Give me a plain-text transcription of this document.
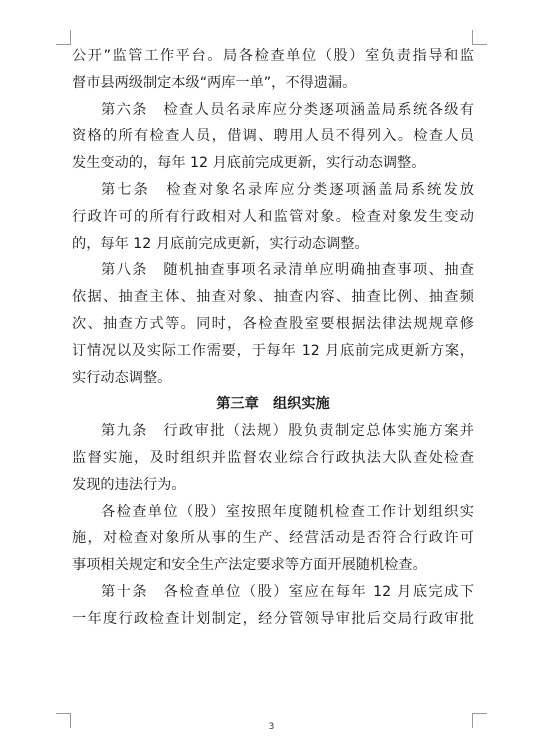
公开”监管工作平台。局各检查单位（股）室负责指导和监
督市县两级制定本级“两库一单”，不得遗漏。
第六条　检查人员名录库应分类逐项涵盖局系统各级有
资格的所有检查人员，借调、聘用人员不得列入。检查人员
发生变动的，每年 12 月底前完成更新，实行动态调整。
第七条　检查对象名录库应分类逐项涵盖局系统发放
行政许可的所有行政相对人和监管对象。检查对象发生变动
的，每年 12 月底前完成更新，实行动态调整。
第八条　随机抽查事项名录清单应明确抽查事项、抽查
依据、抽查主体、抽查对象、抽查内容、抽查比例、抽查频
次、抽查方式等。同时，各检查股室要根据法律法规规章修
订情况以及实际工作需要，于每年 12 月底前完成更新方案，
实行动态调整。
第三章　组织实施
第九条　行政审批（法规）股负责制定总体实施方案并
监督实施，及时组织并监督农业综合行政执法大队查处检查
发现的违法行为。
各检查单位（股）室按照年度随机检查工作计划组织实
施，对检查对象所从事的生产、经营活动是否符合行政许可
事项相关规定和安全生产法定要求等方面开展随机检查。
第十条　各检查单位（股）室应在每年 12 月底完成下
一年度行政检查计划制定，经分管领导审批后交局行政审批
3
